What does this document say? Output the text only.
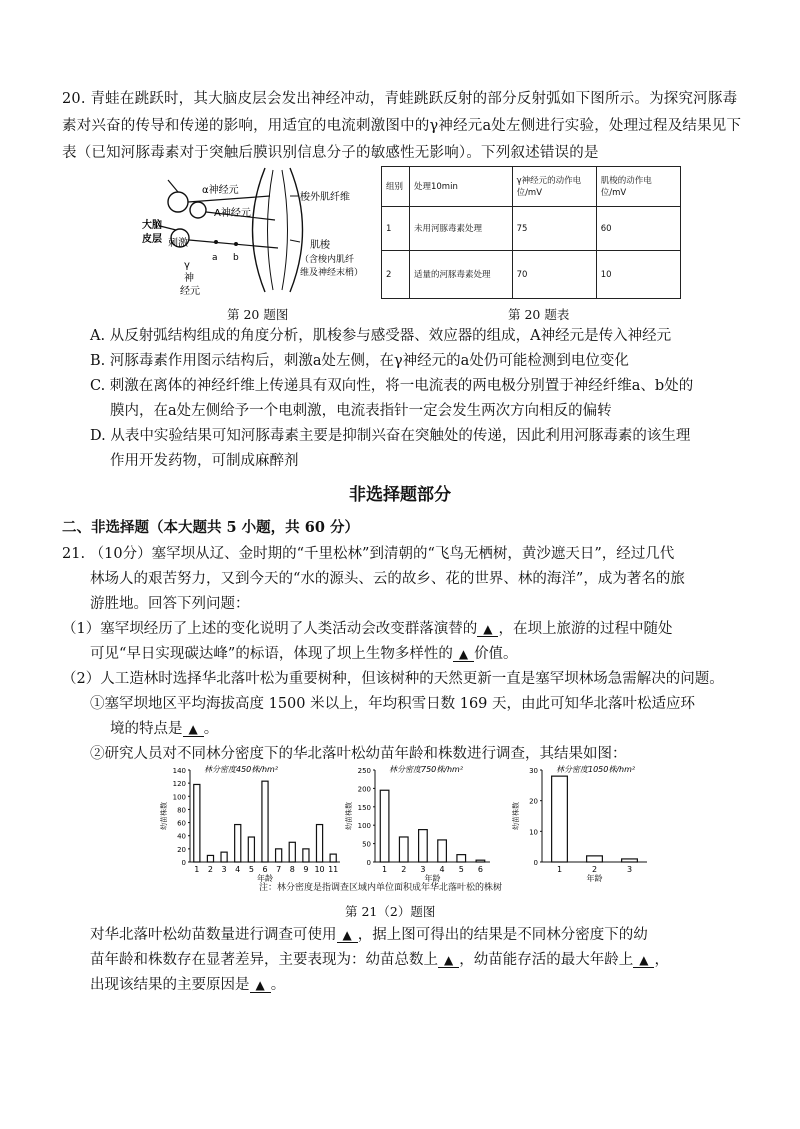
20. 青蛙在跳跃时，其大脑皮层会发出神经冲动，青蛙跳跃反射的部分反射弧如下图所示。为探究河豚毒素对兴奋的传导和传递的影响，用适宜的电流刺激图中的γ神经元a处左侧进行实验，处理过程及结果见下表（已知河豚毒素对于突触后膜识别信息分子的敏感性无影响）。下列叙述错误的是
α神经元
A神经元
大脑
皮层 刺激
γ
神
经元
a b
梭外肌纤维
肌梭
（含梭内肌纤
维及神经末梢）
组别	处理10min	γ神经元的动作电位/mV	肌梭的动作电位/mV
1	未用河豚毒素处理	75	60
2	适量的河豚毒素处理	70	10
第 20 题图	第 20 题表
A. 从反射弧结构组成的角度分析，肌梭参与感受器、效应器的组成，A神经元是传入神经元
B. 河豚毒素作用图示结构后，刺激a处左侧，在γ神经元的a处仍可能检测到电位变化
C. 刺激在离体的神经纤维上传递具有双向性，将一电流表的两电极分别置于神经纤维a、b处的
膜内，在a处左侧给予一个电刺激，电流表指针一定会发生两次方向相反的偏转
D. 从表中实验结果可知河豚毒素主要是抑制兴奋在突触处的传递，因此利用河豚毒素的该生理
作用开发药物，可制成麻醉剂
非选择题部分
二、非选择题（本大题共 5 小题，共 60 分）
21. （10分）塞罕坝从辽、金时期的“千里松林”到清朝的“飞鸟无栖树，黄沙遮天日”，经过几代
林场人的艰苦努力，又到今天的“水的源头、云的故乡、花的世界、林的海洋”，成为著名的旅
游胜地。回答下列问题：
（1）塞罕坝经历了上述的变化说明了人类活动会改变群落演替的 ▲ ，在坝上旅游的过程中随处
可见“早日实现碳达峰”的标语，体现了坝上生物多样性的 ▲ 价值。
（2）人工造林时选择华北落叶松为重要树种，但该树种的天然更新一直是塞罕坝林场急需解决的问题。
①塞罕坝地区平均海拔高度 1500 米以上，年均积雪日数 169 天，由此可知华北落叶松适应环
境的特点是 ▲ 。
②研究人员对不同林分密度下的华北落叶松幼苗年龄和株数进行调查，其结果如图：
林分密度450株/hm²
幼苗株数
0
20
40
60
80
100
120
140
1 2 3 4 5 6 7 8 9 10 11
年龄
林分密度750株/hm²
幼苗株数
0
50
100
150
200
250
1 2 3 4 5 6
年龄
林分密度1050株/hm²
幼苗株数
0
10
20
30
1	2	3
年龄
注：林分密度是指调查区域内单位面积成年华北落叶松的株树
第 21（2）题图
对华北落叶松幼苗数量进行调查可使用 ▲ ，据上图可得出的结果是不同林分密度下的幼
苗年龄和株数存在显著差异，主要表现为：幼苗总数上 ▲ ，幼苗能存活的最大年龄上 ▲ ，
出现该结果的主要原因是 ▲ 。
